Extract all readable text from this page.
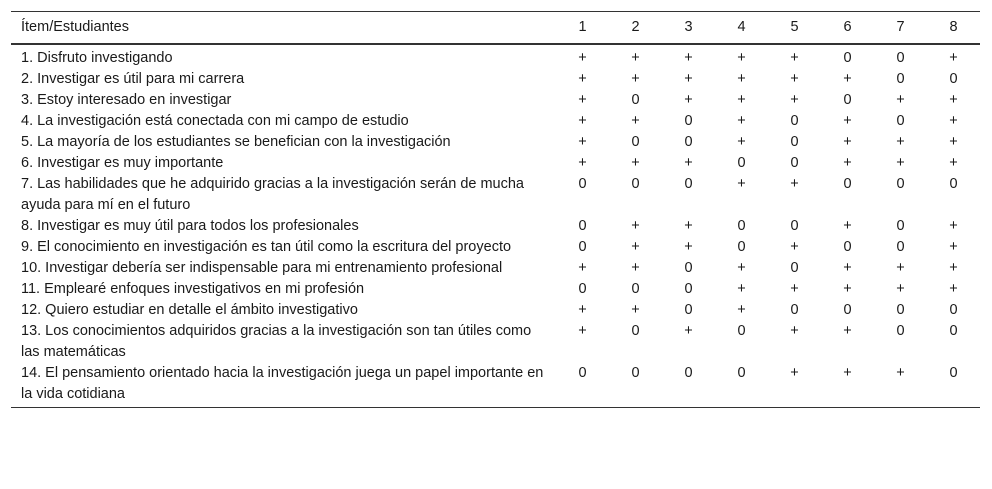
Ítem/Estudiantes	1	2	3	4	5	6	7	8
1. Disfruto investigando	+	+	+	+	+	0	0	+
2. Investigar es útil para mi carrera	+	+	+	+	+	+	0	0
3. Estoy interesado en investigar	+	0	+	+	+	0	+	+
4. La investigación está conectada con mi campo de estudio	+	+	0	+	0	+	0	+
5. La mayoría de los estudiantes se benefician con la investigación	+	0	0	+	0	+	+	+
6. Investigar es muy importante	+	+	+	0	0	+	+	+
7. Las habilidades que he adquirido gracias a la investigación serán de mucha ayuda para mí en el futuro	0	0	0	+	+	0	0	0
8. Investigar es muy útil para todos los profesionales	0	+	+	0	0	+	0	+
9. El conocimiento en investigación es tan útil como la escritura del proyecto	0	+	+	0	+	0	0	+
10. Investigar debería ser indispensable para mi entrenamiento profesional	+	+	0	+	0	+	+	+
11. Emplearé enfoques investigativos en mi profesión	0	0	0	+	+	+	+	+
12. Quiero estudiar en detalle el ámbito investigativo	+	+	0	+	0	0	0	0
13. Los conocimientos adquiridos gracias a la investigación son tan útiles como las matemáticas	+	0	+	0	+	+	0	0
14. El pensamiento orientado hacia la investigación juega un papel importante en la vida cotidiana	0	0	0	0	+	+	+	0
